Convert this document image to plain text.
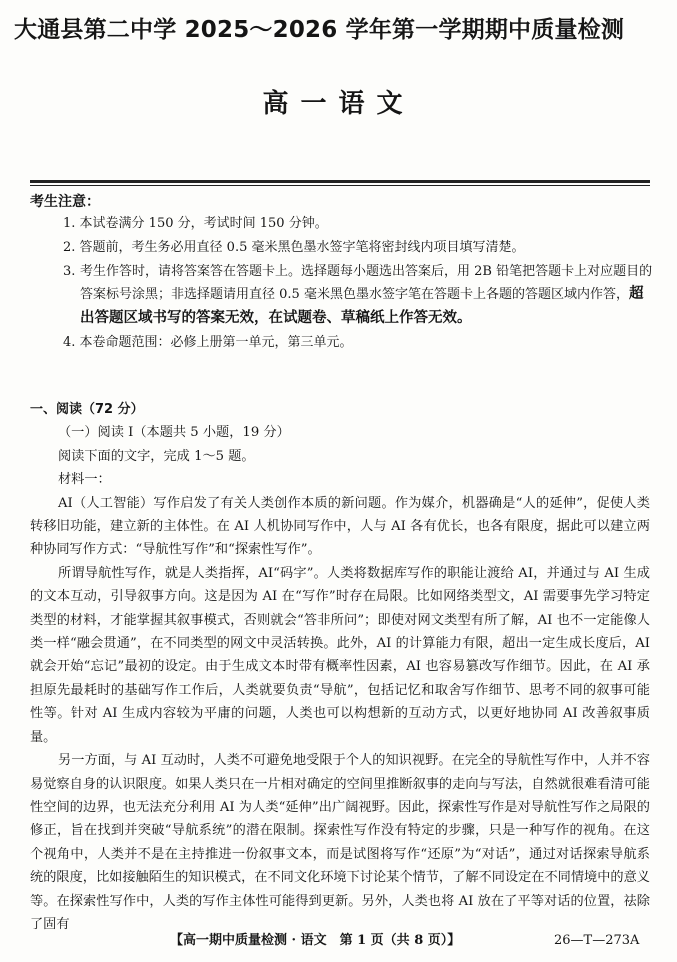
大通县第二中学 2025～2026 学年第一学期期中质量检测
高一语文
考生注意：
1. 本试卷满分 150 分，考试时间 150 分钟。
2. 答题前，考生务必用直径 0.5 毫米黑色墨水签字笔将密封线内项目填写清楚。
3. 考生作答时，请将答案答在答题卡上。选择题每小题选出答案后，用 2B 铅笔把答题卡上对应题目的答案标号涂黑；非选择题请用直径 0.5 毫米黑色墨水签字笔在答题卡上各题的答题区域内作答，超出答题区域书写的答案无效，在试题卷、草稿纸上作答无效。
4. 本卷命题范围：必修上册第一单元，第三单元。

一、阅读（72 分）

（一）阅读 Ⅰ（本题共 5 小题，19 分）

阅读下面的文字，完成 1～5 题。

材料一：

AI（人工智能）写作启发了有关人类创作本质的新问题。作为媒介，机器确是“人的延伸”，促使人类转移旧功能，建立新的主体性。在 AI 人机协同写作中，人与 AI 各有优长，也各有限度，据此可以建立两种协同写作方式：“导航性写作”和“探索性写作”。

所谓导航性写作，就是人类指挥，AI“码字”。人类将数据库写作的职能让渡给 AI，并通过与 AI 生成的文本互动，引导叙事方向。这是因为 AI 在“写作”时存在局限。比如网络类型文，AI 需要事先学习特定类型的材料，才能掌握其叙事模式，否则就会“答非所问”；即使对网文类型有所了解，AI 也不一定能像人类一样“融会贯通”，在不同类型的网文中灵活转换。此外，AI 的计算能力有限，超出一定生成长度后，AI 就会开始“忘记”最初的设定。由于生成文本时带有概率性因素，AI 也容易篡改写作细节。因此，在 AI 承担原先最耗时的基础写作工作后，人类就要负责“导航”，包括记忆和取舍写作细节、思考不同的叙事可能性等。针对 AI 生成内容较为平庸的问题，人类也可以构想新的互动方式，以更好地协同 AI 改善叙事质量。

另一方面，与 AI 互动时，人类不可避免地受限于个人的知识视野。在完全的导航性写作中，人并不容易觉察自身的认识限度。如果人类只在一片相对确定的空间里推断叙事的走向与写法，自然就很难看清可能性空间的边界，也无法充分利用 AI 为人类“延伸”出广阔视野。因此，探索性写作是对导航性写作之局限的修正，旨在找到并突破“导航系统”的潜在限制。探索性写作没有特定的步骤，只是一种写作的视角。在这个视角中，人类并不是在主持推进一份叙事文本，而是试图将写作“还原”为“对话”，通过对话探索导航系统的限度，比如接触陌生的知识模式，在不同文化环境下讨论某个情节，了解不同设定在不同情境中的意义等。在探索性写作中，人类的写作主体性可能得到更新。另外，人类也将 AI 放在了平等对话的位置，祛除了固有

【高一期中质量检测 · 语文　第 1 页（共 8 页）】	26—T—273A
